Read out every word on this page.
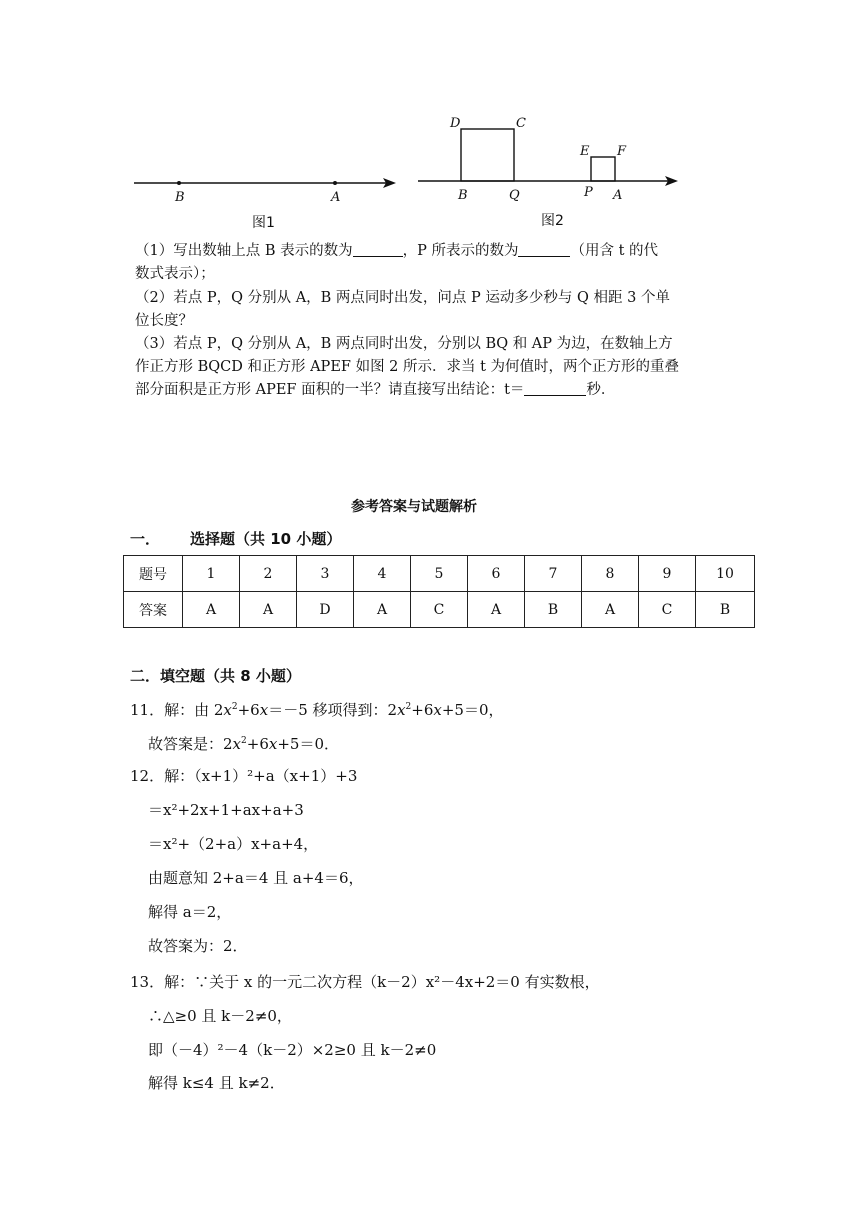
B	A
图1
D	C
B	Q
E F
P A
图2
（1）写出数轴上点 B 表示的数为	，P 所表示的数为	（用含 t 的代
数式表示）；
（2）若点 P，Q 分别从 A，B 两点同时出发，问点 P 运动多少秒与 Q 相距 3 个单
位长度？
（3）若点 P，Q 分别从 A，B 两点同时出发，分别以 BQ 和 AP 为边，在数轴上方
作正方形 BQCD 和正方形 APEF 如图 2 所示．求当 t 为何值时，两个正方形的重叠
部分面积是正方形 APEF 面积的一半？请直接写出结论：t＝	秒．
参考答案与试题解析
一． 选择题（共 10 小题）
题号	1	2	3	4	5	6	7	8	9	10
答案	A	A	D	A	C	A	B	A	C	B
二．填空题（共 8 小题）
11．解：由 $2x^2+6x=-5$ 移项得到：$2x^2+6x+5=0$，
故答案是：$2x^2+6x+5=0$．
12．解：（x+1）²+a（x+1）+3
＝x²+2x+1+ax+a+3
＝x²+（2+a）x+a+4，
由题意知 2+a＝4 且 a+4＝6，
解得 a＝2，
故答案为：2．
13．解：∵关于 x 的一元二次方程（k－2）x²－4x+2＝0 有实数根，
∴△≥0 且 k－2≠0，
即（－4）²－4（k－2）×2≥0 且 k－2≠0
解得 k≤4 且 k≠2．
